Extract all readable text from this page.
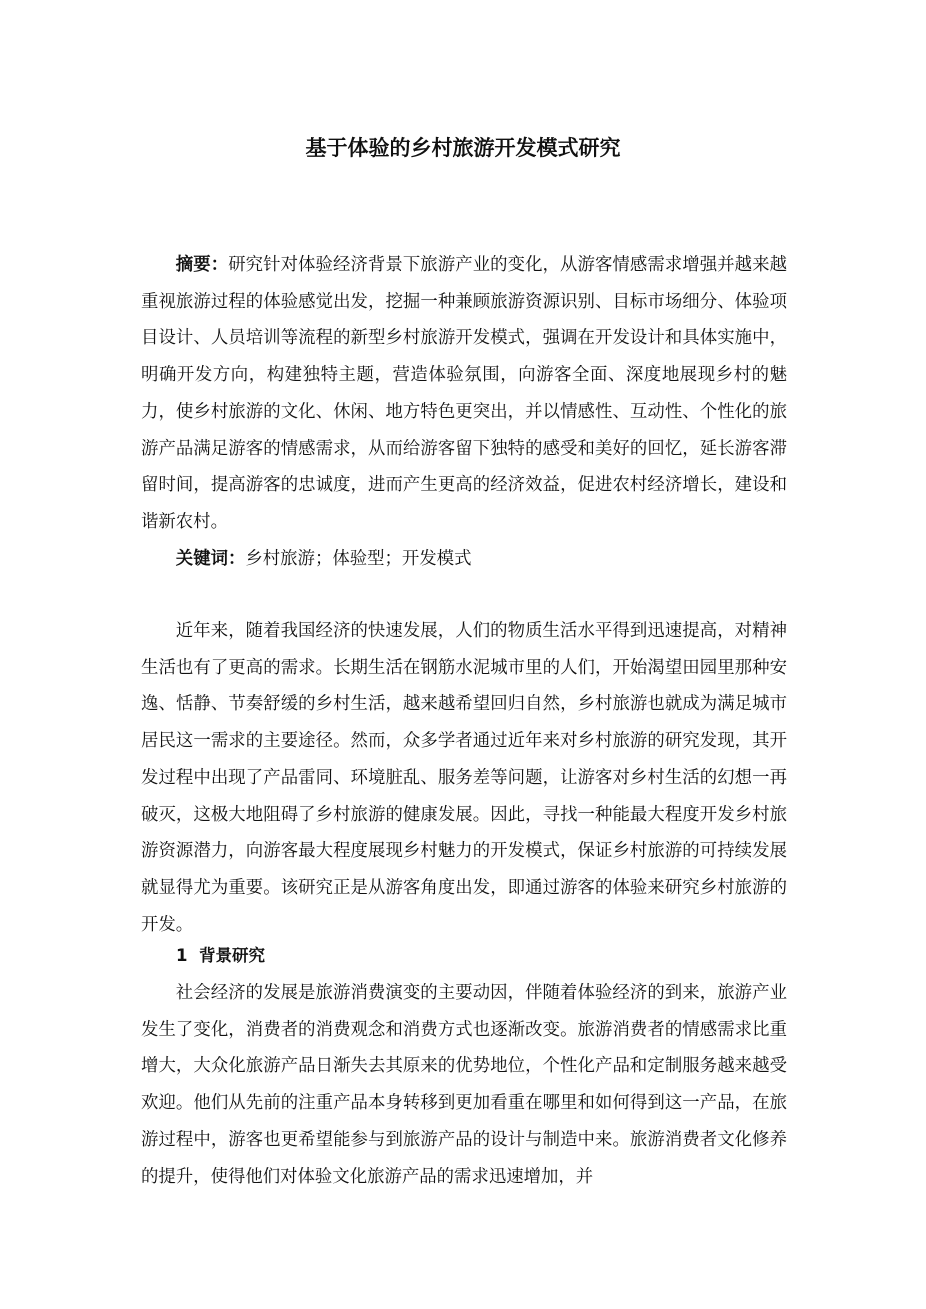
基于体验的乡村旅游开发模式研究

摘要：研究针对体验经济背景下旅游产业的变化，从游客情感需求增强并越来越重视旅游过程的体验感觉出发，挖掘一种兼顾旅游资源识别、目标市场细分、体验项目设计、人员培训等流程的新型乡村旅游开发模式，强调在开发设计和具体实施中，明确开发方向，构建独特主题，营造体验氛围，向游客全面、深度地展现乡村的魅力，使乡村旅游的文化、休闲、地方特色更突出，并以情感性、互动性、个性化的旅游产品满足游客的情感需求，从而给游客留下独特的感受和美好的回忆，延长游客滞留时间，提高游客的忠诚度，进而产生更高的经济效益，促进农村经济增长，建设和谐新农村。

关键词：乡村旅游；体验型；开发模式

近年来，随着我国经济的快速发展，人们的物质生活水平得到迅速提高，对精神生活也有了更高的需求。长期生活在钢筋水泥城市里的人们，开始渴望田园里那种安逸、恬静、节奏舒缓的乡村生活，越来越希望回归自然，乡村旅游也就成为满足城市居民这一需求的主要途径。然而，众多学者通过近年来对乡村旅游的研究发现，其开发过程中出现了产品雷同、环境脏乱、服务差等问题，让游客对乡村生活的幻想一再破灭，这极大地阻碍了乡村旅游的健康发展。因此，寻找一种能最大程度开发乡村旅游资源潜力，向游客最大程度展现乡村魅力的开发模式，保证乡村旅游的可持续发展就显得尤为重要。该研究正是从游客角度出发，即通过游客的体验来研究乡村旅游的开发。

1  背景研究

社会经济的发展是旅游消费演变的主要动因，伴随着体验经济的到来，旅游产业发生了变化，消费者的消费观念和消费方式也逐渐改变。旅游消费者的情感需求比重增大，大众化旅游产品日渐失去其原来的优势地位，个性化产品和定制服务越来越受欢迎。他们从先前的注重产品本身转移到更加看重在哪里和如何得到这一产品，在旅游过程中，游客也更希望能参与到旅游产品的设计与制造中来。旅游消费者文化修养的提升，使得他们对体验文化旅游产品的需求迅速增加，并
